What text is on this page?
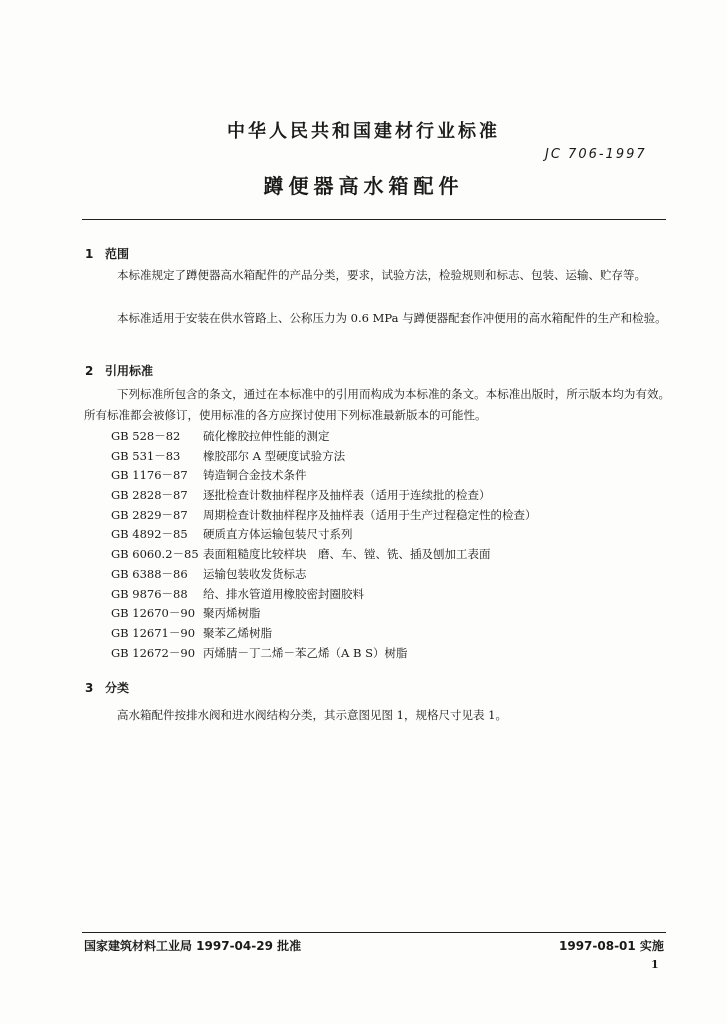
中华人民共和国建材行业标准
JC 706-1997
蹲便器高水箱配件
1 范围
本标准规定了蹲便器高水箱配件的产品分类，要求，试验方法，检验规则和标志、包装、运输、贮存等。
本标准适用于安装在供水管路上、公称压力为 0.6 MPa 与蹲便器配套作冲便用的高水箱配件的生产和检验。
2 引用标准
下列标准所包含的条文，通过在本标准中的引用而构成为本标准的条文。本标准出版时，所示版本均为有效。所有标准都会被修订，使用标准的各方应探讨使用下列标准最新版本的可能性。
GB 528－82 硫化橡胶拉伸性能的测定
GB 531－83 橡胶邵尔 A 型硬度试验方法
GB 1176－87 铸造铜合金技术条件
GB 2828－87 逐批检查计数抽样程序及抽样表（适用于连续批的检查）
GB 2829－87 周期检查计数抽样程序及抽样表（适用于生产过程稳定性的检查）
GB 4892－85 硬质直方体运输包装尺寸系列
GB 6060.2－85 表面粗糙度比较样块　磨、车、镗、铣、插及刨加工表面
GB 6388－86 运输包装收发货标志
GB 9876－88 给、排水管道用橡胶密封圈胶料
GB 12670－90 聚丙烯树脂
GB 12671－90 聚苯乙烯树脂
GB 12672－90 丙烯腈－丁二烯－苯乙烯（A B S）树脂
3 分类
高水箱配件按排水阀和进水阀结构分类，其示意图见图 1，规格尺寸见表 1。
国家建筑材料工业局 1997-04-29 批准	1997-08-01 实施
1
